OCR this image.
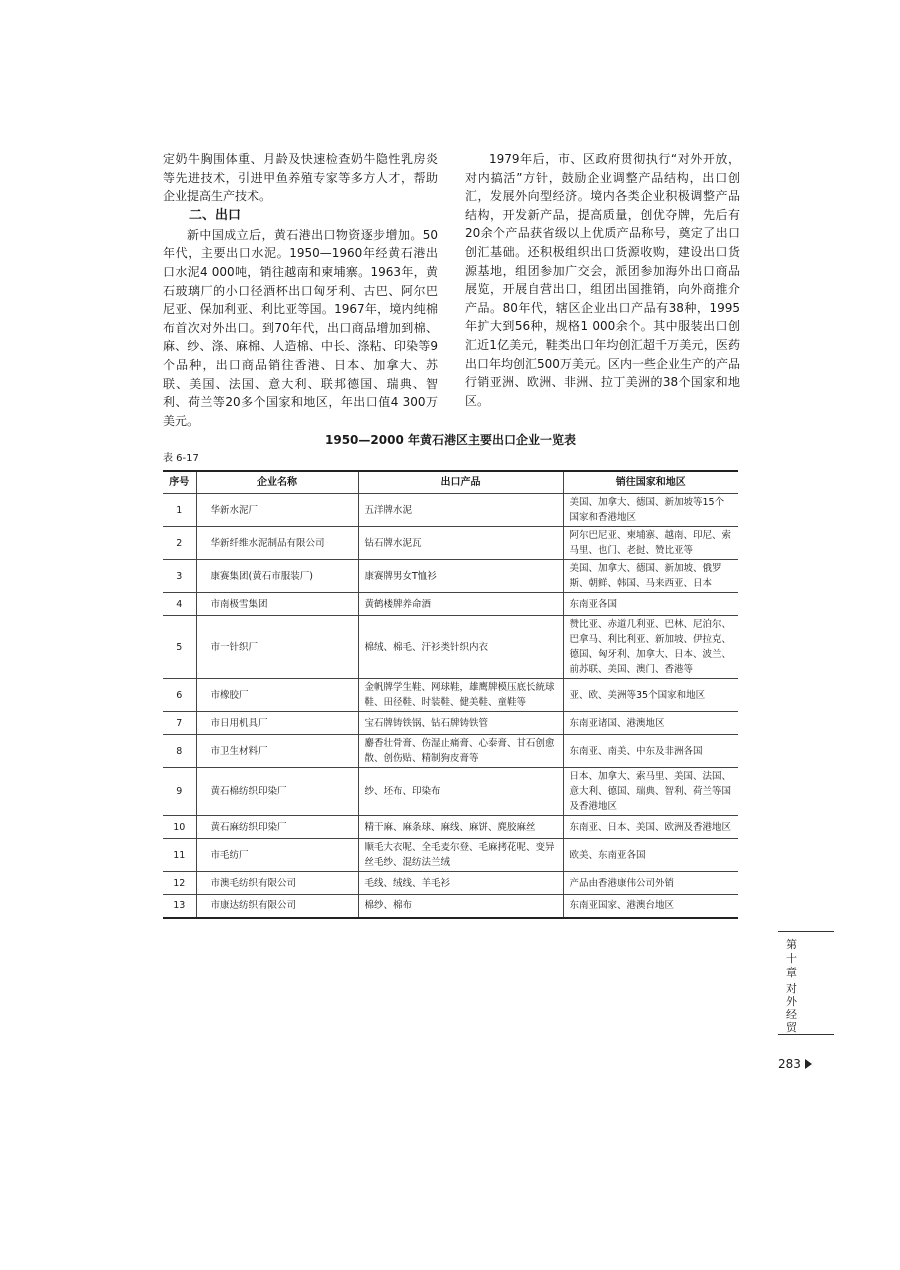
定奶牛胸围体重、月龄及快速检查奶牛隐性乳房炎等先进技术，引进甲鱼养殖专家等多方人才，帮助企业提高生产技术。

二、出口

新中国成立后，黄石港出口物资逐步增加。50年代，主要出口水泥。1950—1960年经黄石港出口水泥4 000吨，销往越南和柬埔寨。1963年，黄石玻璃厂的小口径酒杯出口匈牙利、古巴、阿尔巴尼亚、保加利亚、利比亚等国。1967年，境内纯棉布首次对外出口。到70年代，出口商品增加到棉、麻、纱、涤、麻棉、人造棉、中长、涤粘、印染等9个品种，出口商品销往香港、日本、加拿大、苏联、美国、法国、意大利、联邦德国、瑞典、智利、荷兰等20多个国家和地区，年出口值4 300万美元。

1979年后，市、区政府贯彻执行“对外开放，对内搞活”方针，鼓励企业调整产品结构，出口创汇，发展外向型经济。境内各类企业积极调整产品结构，开发新产品，提高质量，创优夺牌，先后有20余个产品获省级以上优质产品称号，奠定了出口创汇基础。还积极组织出口货源收购，建设出口货源基地，组团参加广交会，派团参加海外出口商品展览，开展自营出口，组团出国推销，向外商推介产品。80年代，辖区企业出口产品有38种，1995年扩大到56种，规格1 000余个。其中服装出口创汇近1亿美元，鞋类出口年均创汇超千万美元，医药出口年均创汇500万美元。区内一些企业生产的产品行销亚洲、欧洲、非洲、拉丁美洲的38个国家和地区。

1950—2000 年黄石港区主要出口企业一览表
表 6-17
序号	企业名称	出口产品	销往国家和地区
1	华新水泥厂	五洋牌水泥	美国、加拿大、德国、新加坡等15个国家和香港地区
2	华新纤维水泥制品有限公司	钻石牌水泥瓦	阿尔巴尼亚、柬埔寨、越南、印尼、索马里、也门、老挝、赞比亚等
3	康赛集团(黄石市服装厂)	康赛牌男女T恤衫	美国、加拿大、德国、新加坡、俄罗斯、朝鲜、韩国、马来西亚、日本
4	市南极雪集团	黄鹤楼牌养命酒	东南亚各国
5	市一针织厂	棉绒、棉毛、汗衫类针织内衣	赞比亚、赤道几利亚、巴林、尼泊尔、巴拿马、利比利亚、新加坡、伊拉克、德国、匈牙利、加拿大、日本、波兰、前苏联、美国、澳门、香港等
6	市橡胶厂	金帆牌学生鞋、网球鞋，雄鹰牌模压底长統球鞋、田径鞋、时装鞋、健美鞋、童鞋等	亚、欧、美洲等35个国家和地区
7	市日用机具厂	宝石牌铸铁锅、钻石牌铸铁管	东南亚诸国、港澳地区
8	市卫生材料厂	麝香壮骨膏、伤湿止痛膏、心泰膏、甘石创愈散、创伤贴、精制狗皮膏等	东南亚、南美、中东及非洲各国
9	黄石棉纺织印染厂	纱、坯布、印染布	日本、加拿大、索马里、美国、法国、意大利、德国、瑞典、智利、荷兰等国及香港地区
10	黄石麻纺织印染厂	精干麻、麻条球、麻线、麻饼、麂胶麻丝	东南亚、日本、美国、欧洲及香港地区
11	市毛纺厂	顺毛大衣呢、全毛麦尔登、毛麻拷花呢、变异丝毛纱、混纺法兰绒	欧美、东南亚各国
12	市澳毛纺织有限公司	毛线、绒线、羊毛衫	产品由香港康伟公司外销
13	市康达纺织有限公司	棉纱、棉布	东南亚国家、港澳台地区
第十章
对外经贸
283
